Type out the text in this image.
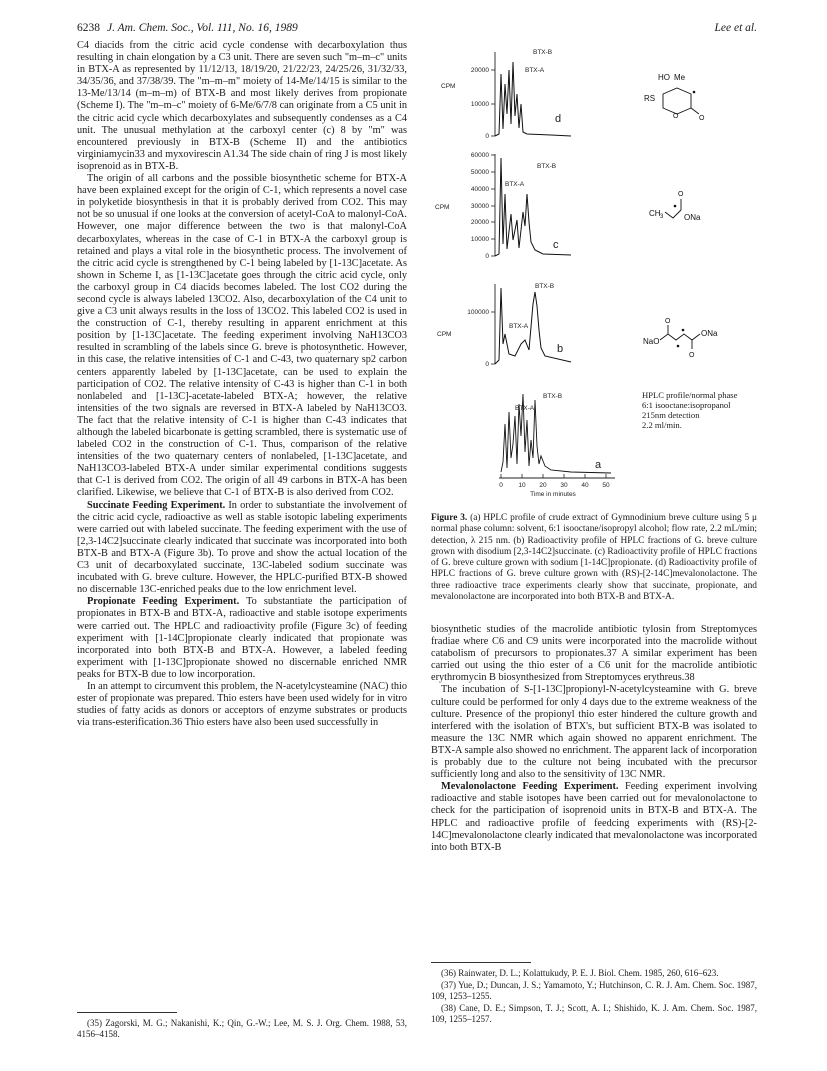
6238 J. Am. Chem. Soc., Vol. 111, No. 16, 1989	Lee et al.

C4 diacids from the citric acid cycle condense with decarboxylation thus resulting in chain elongation by a C3 unit. There are seven such "m–m–c" units in BTX-A as represented by 11/12/13, 18/19/20, 21/22/23, 24/25/26, 31/32/33, 34/35/36, and 37/38/39. The "m–m–m" moiety of 14-Me/14/15 is similar to the 13-Me/13/14 (m–m–m) of BTX-B and most likely derives from propionate (Scheme I). The "m–m–c" moiety of 6-Me/6/7/8 can originate from a C5 unit in the citric acid cycle which decarboxylates and subsequently condenses as a C4 unit. The unusual methylation at the carboxyl center (c) 8 by "m" was encountered previously in BTX-B (Scheme II) and the antibiotics virginiamycin33 and myxovirescin A1.34 The side chain of ring J is most likely isoprenoid as in BTX-B.

The origin of all carbons and the possible biosynthetic scheme for BTX-A have been explained except for the origin of C-1, which represents a novel case in polyketide biosynthesis in that it is probably derived from CO2. This may not be so unusual if one looks at the conversion of acetyl-CoA to malonyl-CoA. However, one major difference between the two is that malonyl-CoA decarboxylates, whereas in the case of C-1 in BTX-A the carboxyl group is retained and plays a vital role in the biosynthetic process. The involvement of the citric acid cycle is strengthened by C-1 being labeled by [1-13C]acetate. As shown in Scheme I, as [1-13C]acetate goes through the citric acid cycle, only the carboxyl group in C4 diacids becomes labeled. The lost CO2 during the second cycle is always labeled 13CO2. Also, decarboxylation of the C4 unit to give a C3 unit always results in the loss of 13CO2. This labeled CO2 is used in the construction of C-1, thereby resulting in apparent enrichment at this position by [1-13C]acetate. The feeding experiment involving NaH13CO3 resulted in scrambling of the labels since G. breve is photosynthetic. However, in this case, the relative intensities of C-1 and C-43, two quaternary sp2 carbon centers apparently labeled by [1-13C]acetate, can be used to explain the participation of CO2. The relative intensity of C-43 is higher than C-1 in both nonlabeled and [1-13C]-acetate-labeled BTX-A; however, the relative intensities of the two signals are reversed in BTX-A labeled by NaH13CO3. The fact that the relative intensity of C-1 is higher than C-43 indicates that although the labeled bicarbonate is getting scrambled, there is systematic use of labeled CO2 in the construction of C-1. Thus, comparison of the relative intensities of the two quaternary centers of nonlabeled, [1-13C]acetate, and NaH13CO3-labeled BTX-A under similar experimental conditions suggests that C-1 is derived from CO2. The origin of all 49 carbons in BTX-A has been clarified. Likewise, we believe that C-1 of BTX-B is also derived from CO2.

Succinate Feeding Experiment. In order to substantiate the involvement of the citric acid cycle, radioactive as well as stable isotopic labeling experiments were carried out with labeled succinate. The feeding experiment with the use of [2,3-14C2]succinate clearly indicated that succinate was incorporated into both BTX-B and BTX-A (Figure 3b). To prove and show the actual location of the C3 unit of decarboxylated succinate, 13C-labeled sodium succinate was incubated with G. breve culture. However, the HPLC-purified BTX-B showed no discernable 13C-enriched peaks due to the low enrichment level.

Propionate Feeding Experiment. To substantiate the participation of propionates in BTX-B and BTX-A, radioactive and stable isotope experiments were carried out. The HPLC and radioactivity profile (Figure 3c) of feeding experiment with [1-14C]propionate clearly indicated that propionate was incorporated into both BTX-B and BTX-A. However, a labeled feeding experiment with [1-13C]propionate showed no discernable enriched NMR peaks for BTX-B due to low incorporation.

In an attempt to circumvent this problem, the N-acetylcysteamine (NAC) thio ester of propionate was prepared. Thio esters have been used widely for in vitro studies of fatty acids as donors or acceptors of enzyme substrates or products via trans-esterification.36 Thio esters have also been used successfully in

(35) Zagorski, M. G.; Nakanishi, K.; Qin, G.-W.; Lee, M. S. J. Org. Chem. 1988, 53, 4156–4158.

20000
10000
0
CPM
BTX-B
BTX-A
d
HO Me
RS
O	O
60000
50000
40000
30000
20000
10000
0
CPM
BTX-B
BTX-A
c
CH 3
O
ONa
100000
0
CPM
BTX-B
BTX-A
b
NaO
O
O
ONa
BTX-B
BTX-A
a
0 10 20 30 40 50
Time in minutes
HPLC profile/normal phase
6:1 isooctane:isopropanol
215nm detection
2.2 ml/min.
Figure 3. (a) HPLC profile of crude extract of Gymnodinium breve culture using 5 μ normal phase column: solvent, 6:1 isooctane/isopropyl alcohol; flow rate, 2.2 mL/min; detection, λ 215 nm. (b) Radioactivity profile of HPLC fractions of G. breve culture grown with disodium [2,3-14C2]succinate. (c) Radioactivity profile of HPLC fractions of G. breve culture grown with sodium [1-14C]propionate. (d) Radioactivity profile of HPLC fractions of G. breve culture grown with (RS)-[2-14C]mevalonolactone. The three radioactive trace experiments clearly show that succinate, propionate, and mevalonolactone are incorporated into both BTX-B and BTX-A.

biosynthetic studies of the macrolide antibiotic tylosin from Streptomyces fradiae where C6 and C9 units were incorporated into the macrolide without catabolism of precursors to propionates.37 A similar experiment has been carried out using the thio ester of a C6 unit for the macrolide antibiotic erythromycin B biosynthesized from Streptomyces erythreus.38

The incubation of S-[1-13C]propionyl-N-acetylcysteamine with G. breve culture could be performed for only 4 days due to the extreme weakness of the culture. Presence of the propionyl thio ester hindered the culture growth and interfered with the isolation of BTX's, but sufficient BTX-B was isolated to measure the 13C NMR which again showed no apparent enrichment. The BTX-A sample also showed no enrichment. The apparent lack of incorporation is probably due to the culture not being incubated with the precursor sufficiently long and also to the sensitivity of 13C NMR.

Mevalonolactone Feeding Experiment. Feeding experiment involving radioactive and stable isotopes have been carried out for mevalonolactone to check for the participation of isoprenoid units in BTX-B and BTX-A. The HPLC and radioactive profile of feedcing experiments with (RS)-[2-14C]mevalonolactone clearly indicated that mevalonolactone was incorporated into both BTX-B

(36) Rainwater, D. L.; Kolattukudy, P. E. J. Biol. Chem. 1985, 260, 616–623.

(37) Yue, D.; Duncan, J. S.; Yamamoto, Y.; Hutchinson, C. R. J. Am. Chem. Soc. 1987, 109, 1253–1255.

(38) Cane, D. E.; Simpson, T. J.; Scott, A. I.; Shishido, K. J. Am. Chem. Soc. 1987, 109, 1255–1257.
